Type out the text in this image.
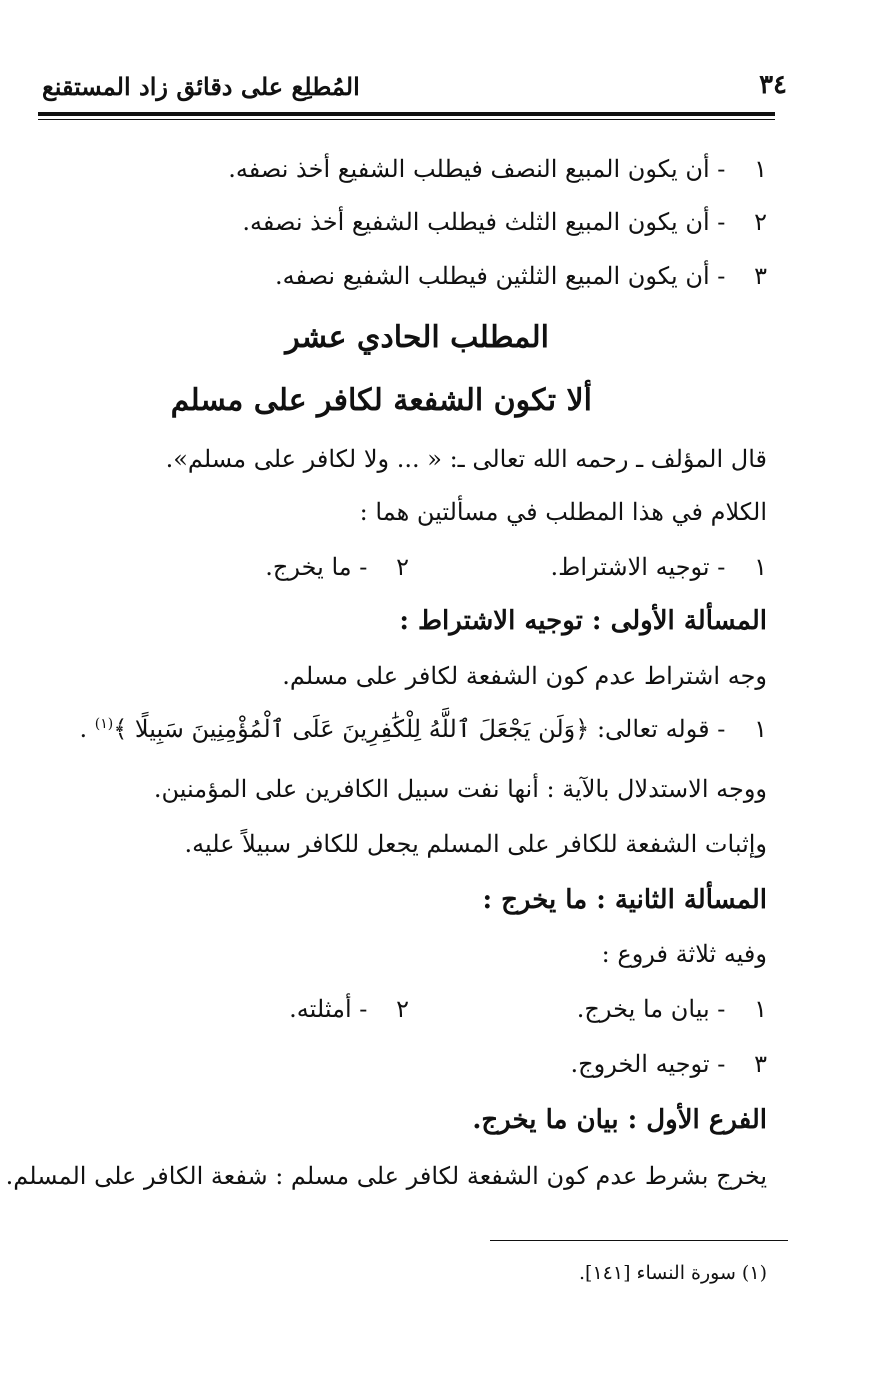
٣٤
المُطلِع على دقائق زاد المستقنع
١ - أن يكون المبيع النصف فيطلب الشفيع أخذ نصفه.
٢ - أن يكون المبيع الثلث فيطلب الشفيع أخذ نصفه.
٣ - أن يكون المبيع الثلثين فيطلب الشفيع نصفه.
المطلب الحادي عشر
ألا تكون الشفعة لكافر على مسلم
قال المؤلف ـ رحمه الله تعالى ـ: « ... ولا لكافر على مسلم».
الكلام في هذا المطلب في مسألتين هما :
١ - توجيه الاشتراط.
٢ - ما يخرج.
المسألة الأولى : توجيه الاشتراط :
وجه اشتراط عدم كون الشفعة لكافر على مسلم.
١ - قوله تعالى: ﴿وَلَن يَجْعَلَ ٱللَّهُ لِلْكَٰفِرِينَ عَلَى ٱلْمُؤْمِنِينَ سَبِيلًا ﴾$^{(١)}$ .
ووجه الاستدلال بالآية : أنها نفت سبيل الكافرين على المؤمنين.
وإثبات الشفعة للكافر على المسلم يجعل للكافر سبيلاً عليه.
المسألة الثانية : ما يخرج :
وفيه ثلاثة فروع :
١ - بيان ما يخرج.
٢ - أمثلته.
٣ - توجيه الخروج.
الفرع الأول : بيان ما يخرج.
يخرج بشرط عدم كون الشفعة لكافر على مسلم : شفعة الكافر على المسلم.
(١) سورة النساء [١٤١].
